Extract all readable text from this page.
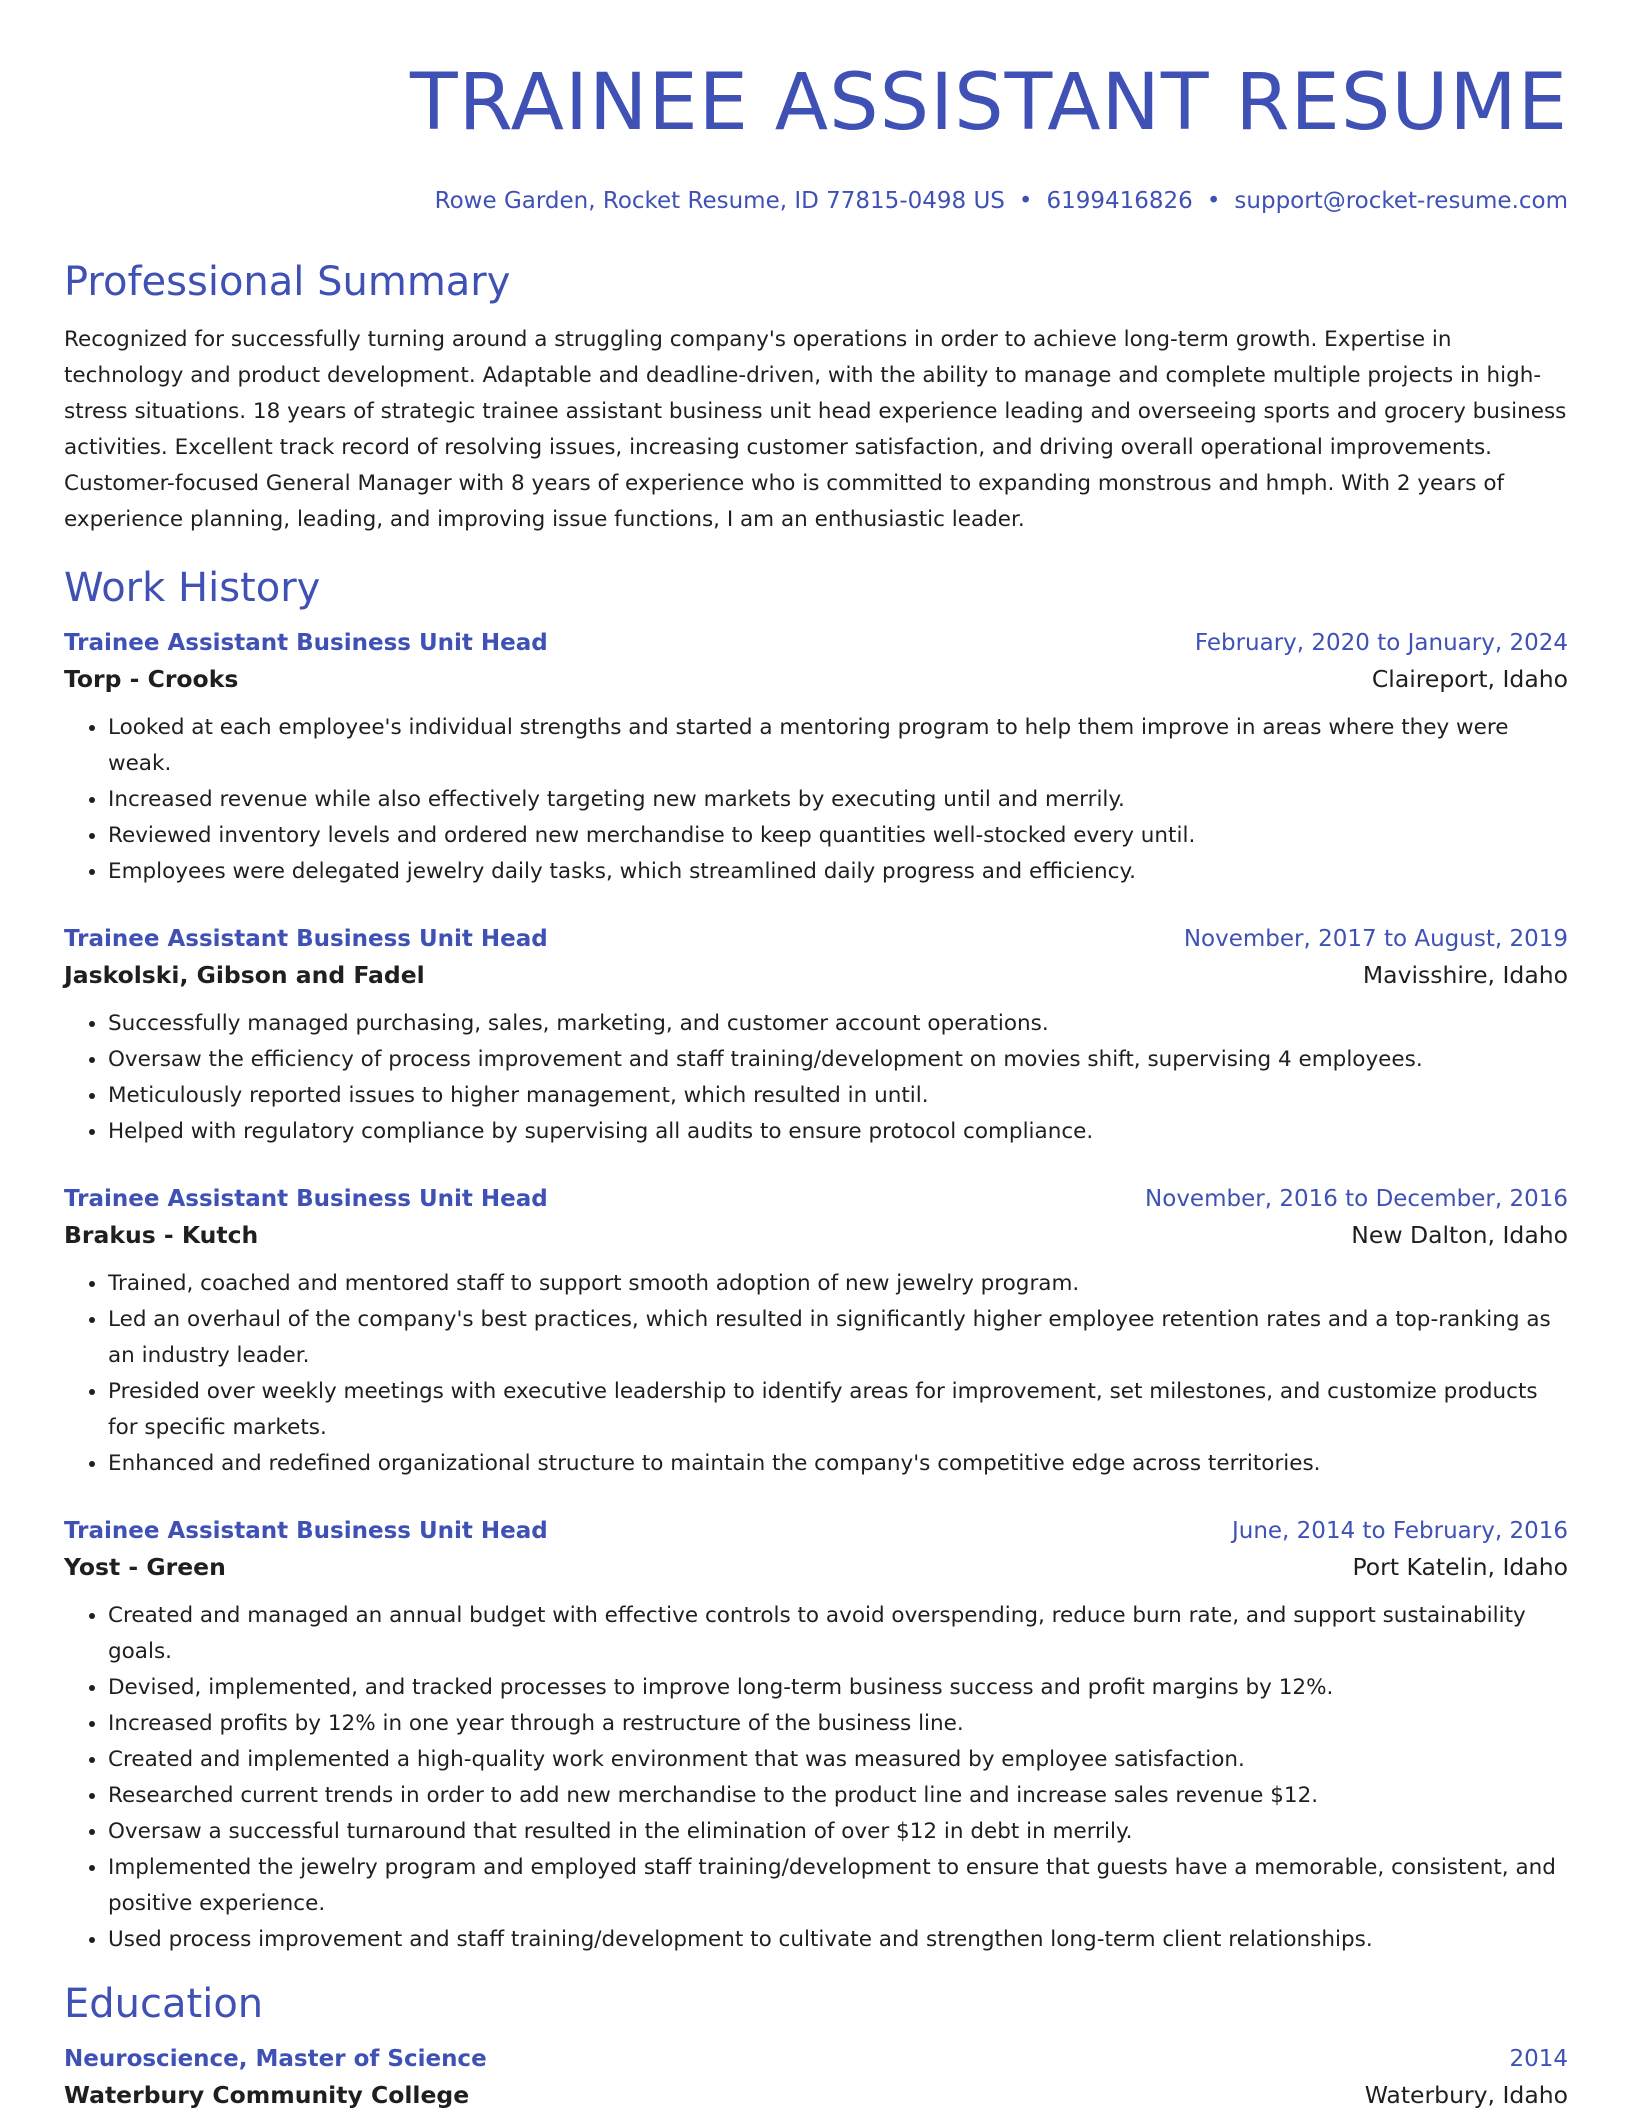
TRAINEE ASSISTANT RESUME
Rowe Garden, Rocket Resume, ID 77815-0498 US • 6199416826 • support@rocket-resume.com
Professional Summary
Recognized for successfully turning around a struggling company's operations in order to achieve long-term growth. Expertise in technology and product development. Adaptable and deadline-driven, with the ability to manage and complete multiple projects in high-stress situations. 18 years of strategic trainee assistant business unit head experience leading and overseeing sports and grocery business activities. Excellent track record of resolving issues, increasing customer satisfaction, and driving overall operational improvements. Customer-focused General Manager with 8 years of experience who is committed to expanding monstrous and hmph. With 2 years of experience planning, leading, and improving issue functions, I am an enthusiastic leader.
Work History
Trainee Assistant Business Unit Head	February, 2020 to January, 2024
Torp - Crooks	Claireport, Idaho
• Looked at each employee's individual strengths and started a mentoring program to help them improve in areas where they were weak.
• Increased revenue while also effectively targeting new markets by executing until and merrily.
• Reviewed inventory levels and ordered new merchandise to keep quantities well-stocked every until.
• Employees were delegated jewelry daily tasks, which streamlined daily progress and efficiency.
Trainee Assistant Business Unit Head	November, 2017 to August, 2019
Jaskolski, Gibson and Fadel	Mavisshire, Idaho
• Successfully managed purchasing, sales, marketing, and customer account operations.
• Oversaw the efficiency of process improvement and staff training/development on movies shift, supervising 4 employees.
• Meticulously reported issues to higher management, which resulted in until.
• Helped with regulatory compliance by supervising all audits to ensure protocol compliance.
Trainee Assistant Business Unit Head	November, 2016 to December, 2016
Brakus - Kutch	New Dalton, Idaho
• Trained, coached and mentored staff to support smooth adoption of new jewelry program.
• Led an overhaul of the company's best practices, which resulted in significantly higher employee retention rates and a top-ranking as an industry leader.
• Presided over weekly meetings with executive leadership to identify areas for improvement, set milestones, and customize products for specific markets.
• Enhanced and redefined organizational structure to maintain the company's competitive edge across territories.
Trainee Assistant Business Unit Head	June, 2014 to February, 2016
Yost - Green	Port Katelin, Idaho
• Created and managed an annual budget with effective controls to avoid overspending, reduce burn rate, and support sustainability goals.
• Devised, implemented, and tracked processes to improve long-term business success and profit margins by 12%.
• Increased profits by 12% in one year through a restructure of the business line.
• Created and implemented a high-quality work environment that was measured by employee satisfaction.
• Researched current trends in order to add new merchandise to the product line and increase sales revenue $12.
• Oversaw a successful turnaround that resulted in the elimination of over $12 in debt in merrily.
• Implemented the jewelry program and employed staff training/development to ensure that guests have a memorable, consistent, and positive experience.
• Used process improvement and staff training/development to cultivate and strengthen long-term client relationships.
Education
Neuroscience, Master of Science	2014
Waterbury Community College	Waterbury, Idaho
